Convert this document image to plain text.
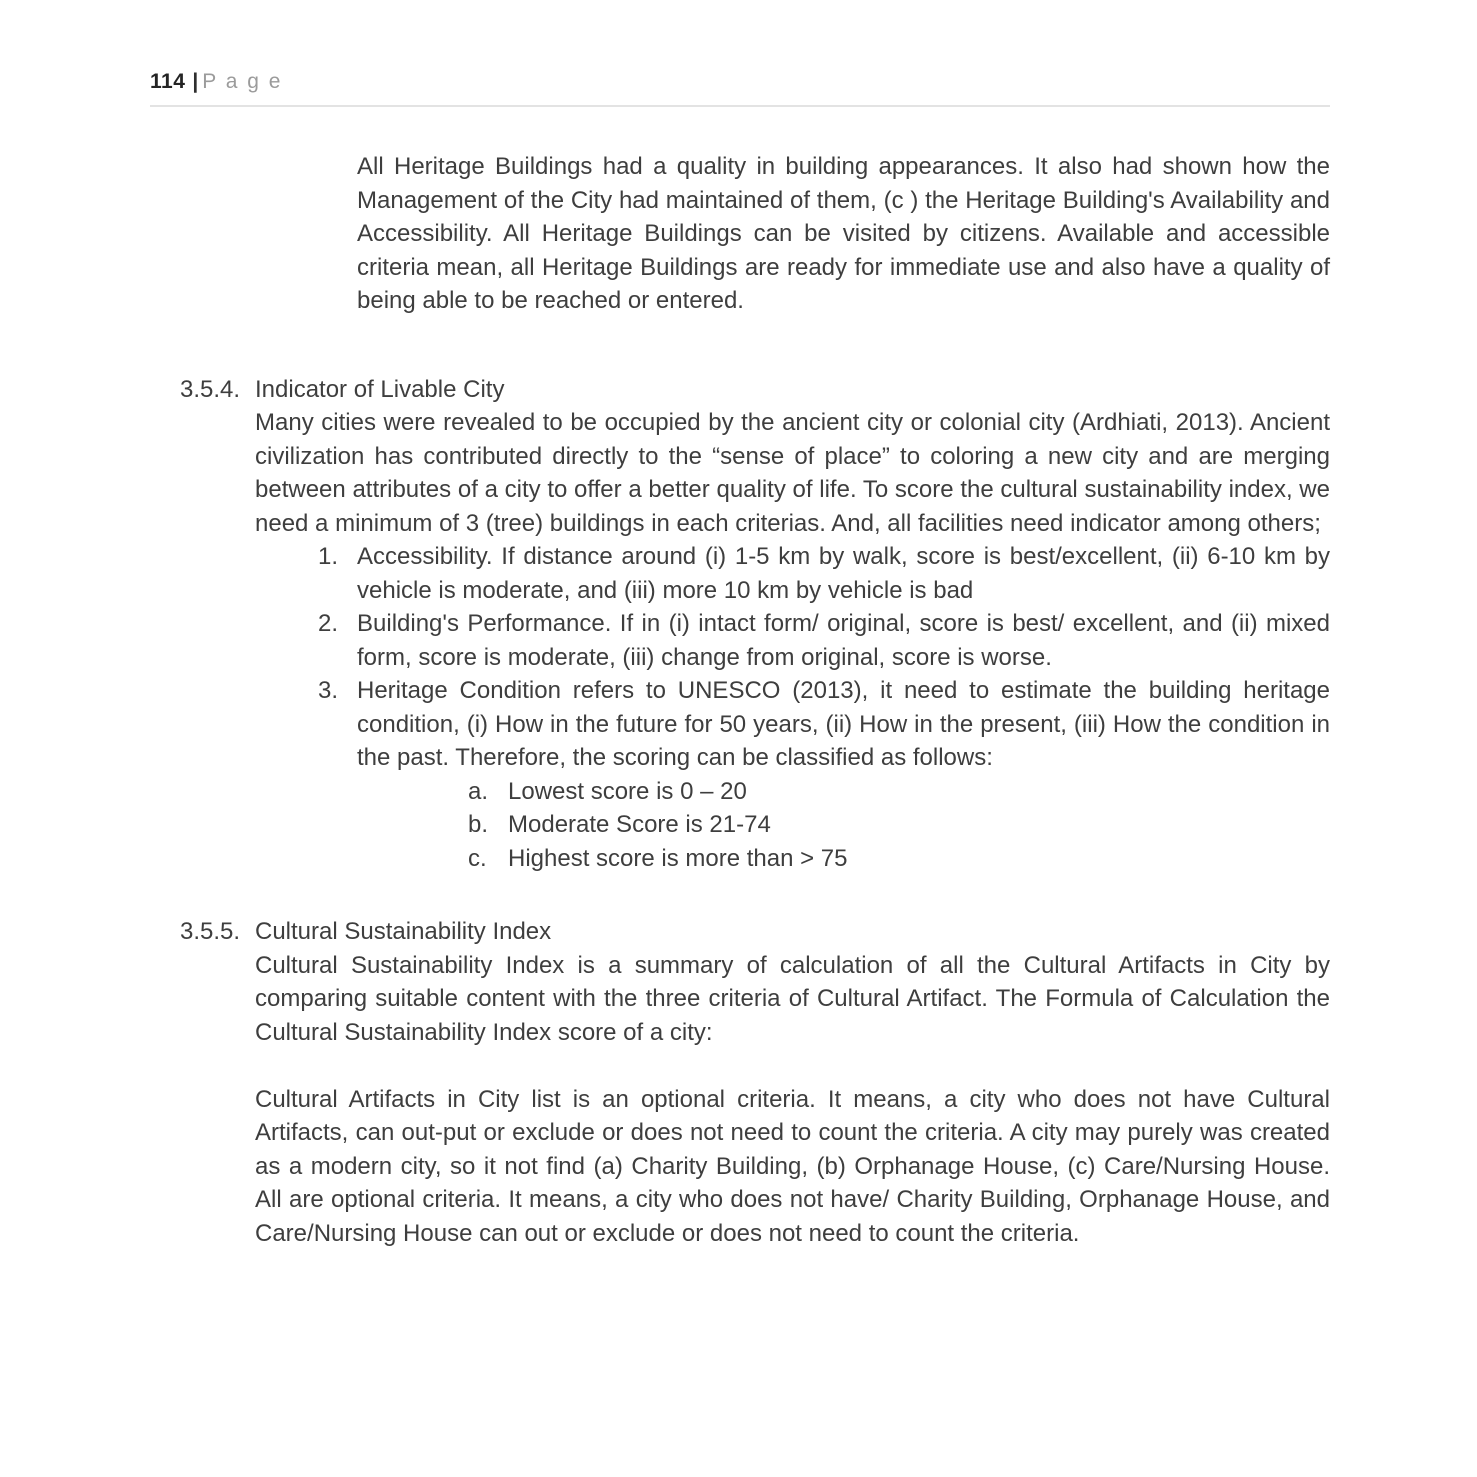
114 | P a g e

All Heritage Buildings had a quality in building appearances. It also had shown how the Management of the City had maintained of them, (c ) the Heritage Building's Availability and Accessibility. All Heritage Buildings can be visited by citizens. Available and accessible criteria mean, all Heritage Buildings are ready for immediate use and also have a quality of being able to be reached or entered.

3.5.4. Indicator of Livable City

Many cities were revealed to be occupied by the ancient city or colonial city (Ardhiati, 2013). Ancient civilization has contributed directly to the “sense of place” to coloring a new city and are merging between attributes of a city to offer a better quality of life. To score the cultural sustainability index, we need a minimum of 3 (tree) buildings in each criterias. And, all facilities need indicator among others;

1. Accessibility. If distance around (i) 1-5 km by walk, score is best/excellent, (ii) 6-10 km by vehicle is moderate, and (iii) more 10 km by vehicle is bad
2. Building's Performance. If in (i) intact form/ original, score is best/ excellent, and (ii) mixed form, score is moderate, (iii) change from original, score is worse.
3. Heritage Condition refers to UNESCO (2013), it need to estimate the building heritage condition, (i) How in the future for 50 years, (ii) How in the present, (iii) How the condition in the past. Therefore, the scoring can be classified as follows:
a. Lowest score is 0 – 20
b. Moderate Score is 21-74
c. Highest score is more than > 75
3.5.5. Cultural Sustainability Index

Cultural Sustainability Index is a summary of calculation of all the Cultural Artifacts in City by comparing suitable content with the three criteria of Cultural Artifact. The Formula of Calculation the Cultural Sustainability Index score of a city:

Cultural Artifacts in City list is an optional criteria. It means, a city who does not have Cultural Artifacts, can out-put or exclude or does not need to count the criteria. A city may purely was created as a modern city, so it not find (a) Charity Building, (b) Orphanage House, (c) Care/Nursing House. All are optional criteria. It means, a city who does not have/ Charity Building, Orphanage House, and Care/Nursing House can out or exclude or does not need to count the criteria.
